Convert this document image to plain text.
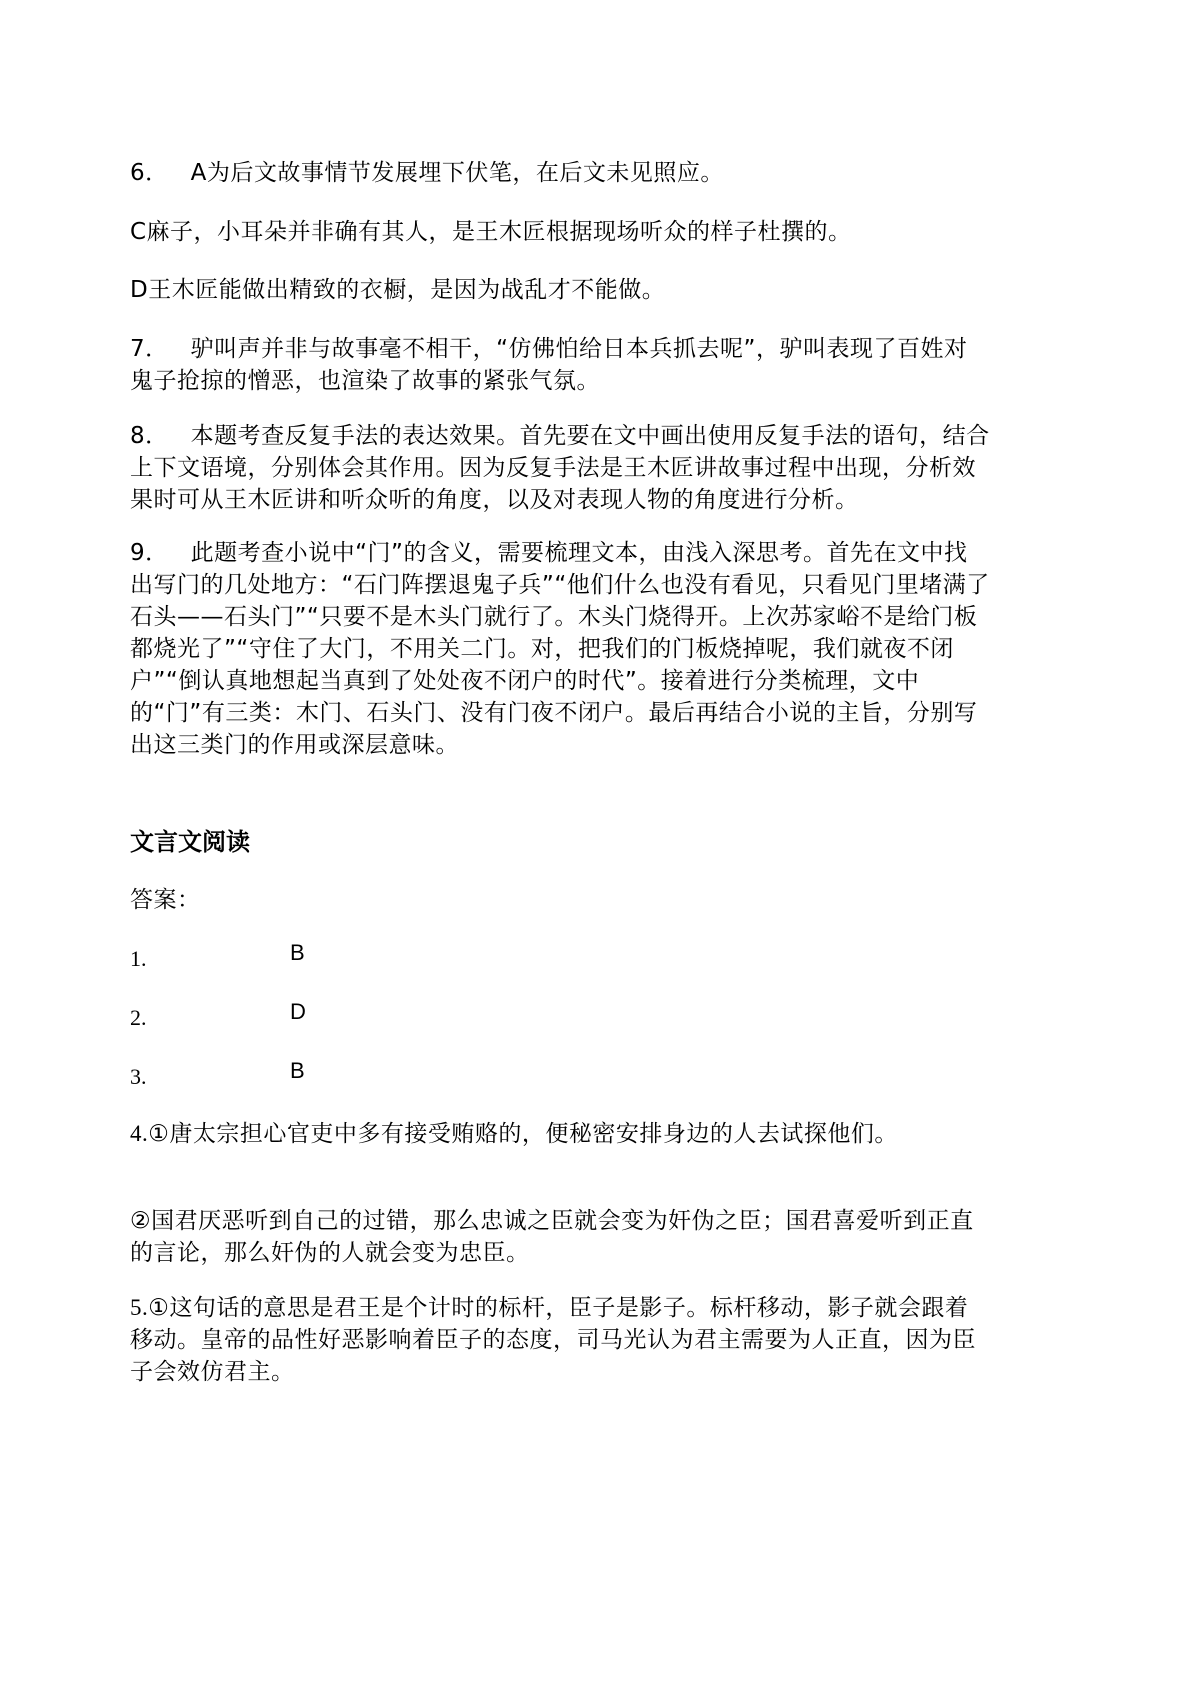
6． A为后文故事情节发展埋下伏笔，在后文未见照应。
C麻子，小耳朵并非确有其人，是王木匠根据现场听众的样子杜撰的。
D王木匠能做出精致的衣橱，是因为战乱才不能做。
7． 驴叫声并非与故事毫不相干，“仿佛怕给日本兵抓去呢”，驴叫表现了百姓对鬼子抢掠的憎恶，也渲染了故事的紧张气氛。
8． 本题考查反复手法的表达效果。首先要在文中画出使用反复手法的语句，结合上下文语境，分别体会其作用。因为反复手法是王木匠讲故事过程中出现，分析效果时可从王木匠讲和听众听的角度，以及对表现人物的角度进行分析。
9． 此题考查小说中“门”的含义，需要梳理文本，由浅入深思考。首先在文中找出写门的几处地方：“石门阵摆退鬼子兵”“他们什么也没有看见，只看见门里堵满了石头——石头门”“只要不是木头门就行了。木头门烧得开。上次苏家峪不是给门板都烧光了”“守住了大门，不用关二门。对，把我们的门板烧掉呢，我们就夜不闭户”“倒认真地想起当真到了处处夜不闭户的时代”。接着进行分类梳理，文中的“门”有三类：木门、石头门、没有门夜不闭户。最后再结合小说的主旨，分别写出这三类门的作用或深层意味。
文言文阅读
答案：
1.	B
2.	D
3.	B
4.①唐太宗担心官吏中多有接受贿赂的，便秘密安排身边的人去试探他们。
②国君厌恶听到自己的过错，那么忠诚之臣就会变为奸伪之臣；国君喜爱听到正直的言论，那么奸伪的人就会变为忠臣。
5.①这句话的意思是君王是个计时的标杆，臣子是影子。标杆移动，影子就会跟着移动。皇帝的品性好恶影响着臣子的态度，司马光认为君主需要为人正直，因为臣子会效仿君主。
